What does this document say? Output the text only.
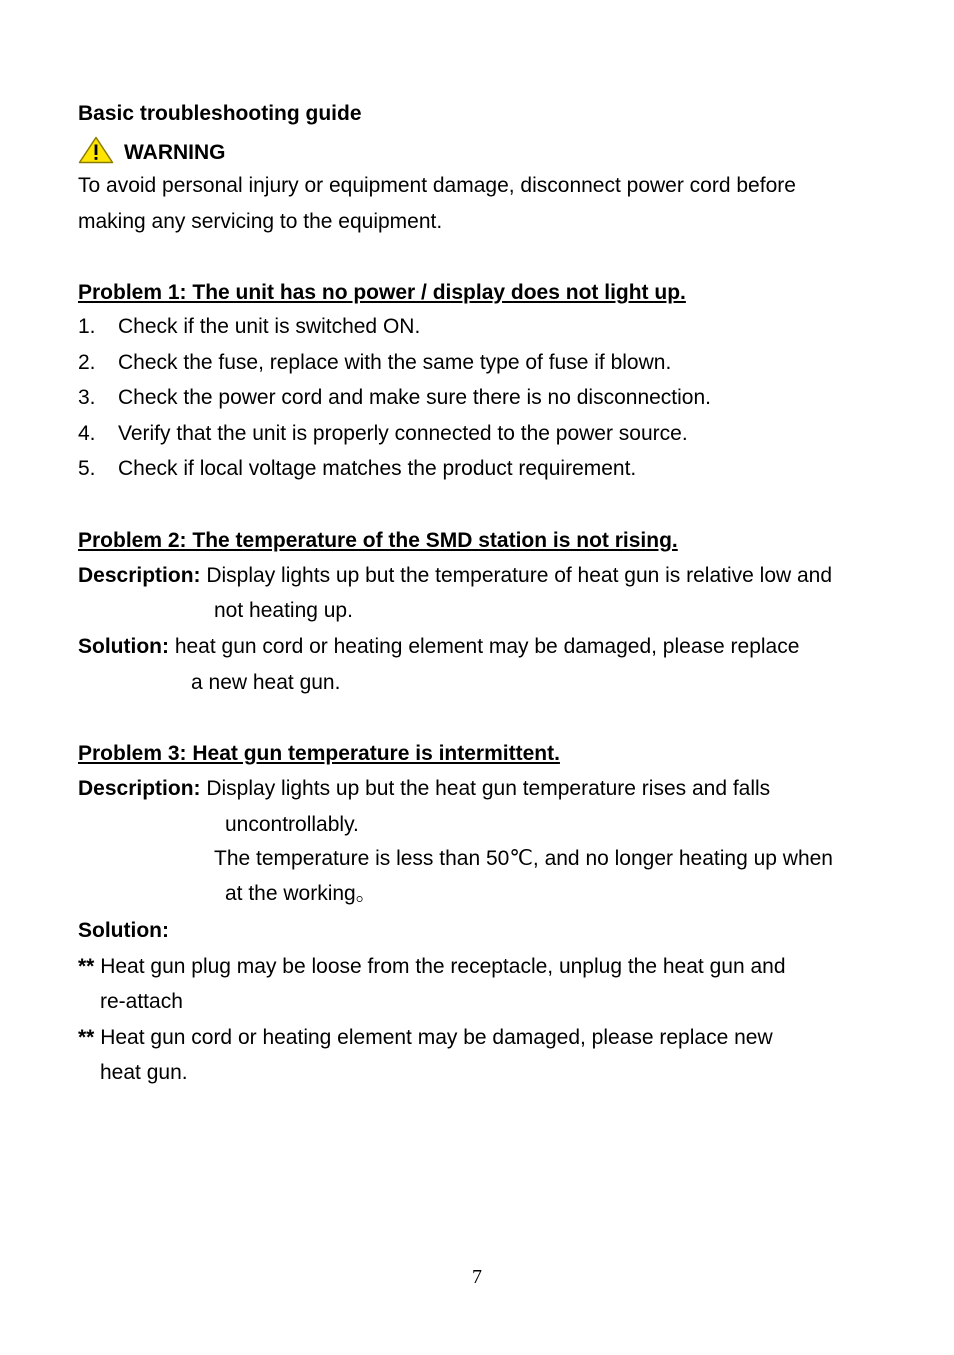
Basic troubleshooting guide
WARNING
To avoid personal injury or equipment damage, disconnect power cord before
making any servicing to the equipment.
Problem 1: The unit has no power / display does not light up.
1. Check if the unit is switched ON.
2. Check the fuse, replace with the same type of fuse if blown.
3. Check the power cord and make sure there is no disconnection.
4. Verify that the unit is properly connected to the power source.
5. Check if local voltage matches the product requirement.
Problem 2: The temperature of the SMD station is not rising.
Description: Display lights up but the temperature of heat gun is relative low and
not heating up.
Solution: heat gun cord or heating element may be damaged, please replace
a new heat gun.
Problem 3: Heat gun temperature is intermittent.
Description: Display lights up but the heat gun temperature rises and falls
uncontrollably.
The temperature is less than 50℃, and no longer heating up when
at the working。
Solution:
** Heat gun plug may be loose from the receptacle, unplug the heat gun and
re-attach
** Heat gun cord or heating element may be damaged, please replace new
heat gun.
7
